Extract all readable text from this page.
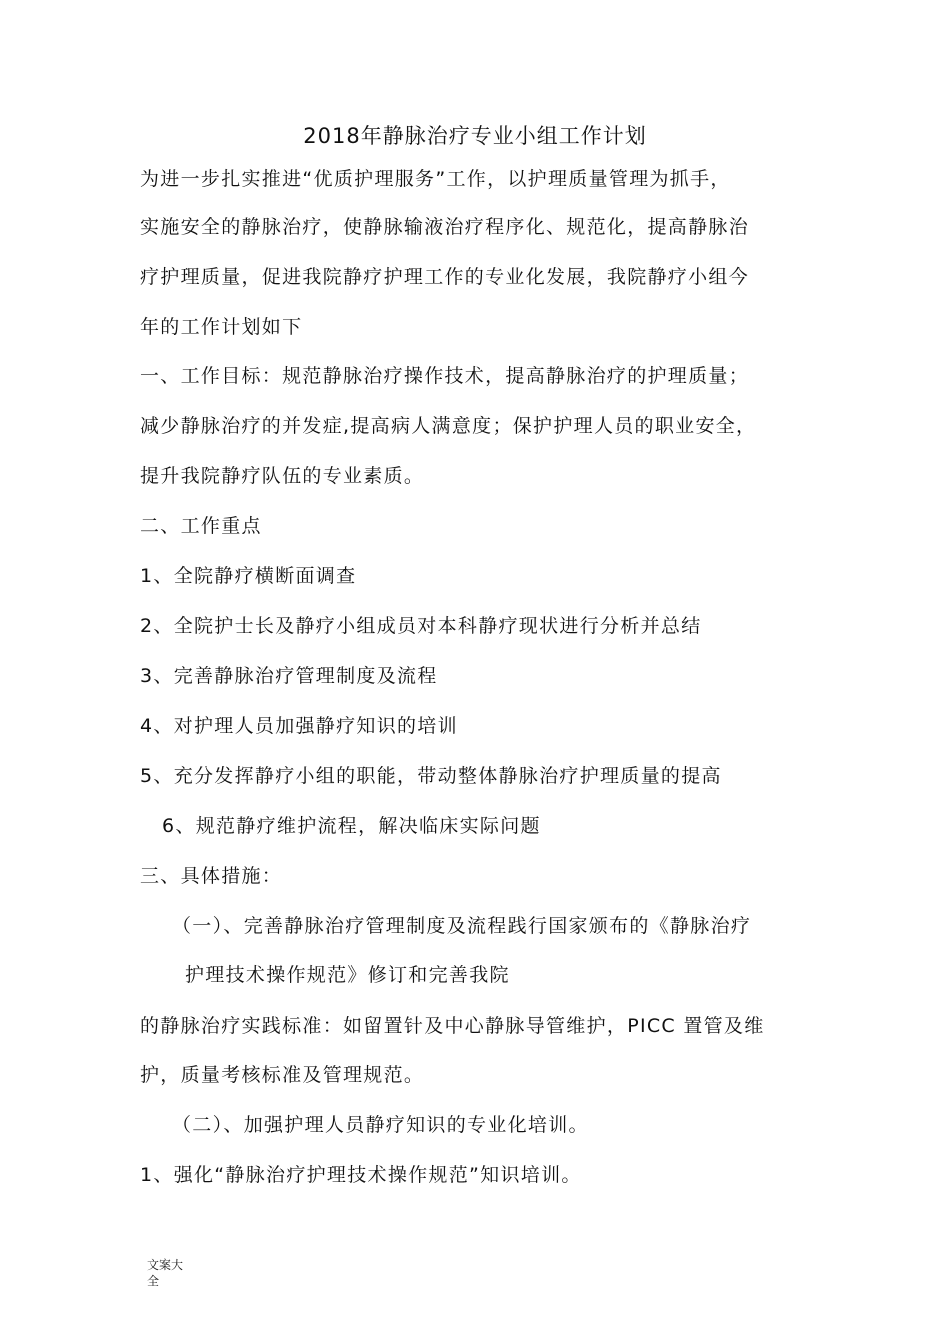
2018年静脉治疗专业小组工作计划
为进一步扎实推进“优质护理服务”工作，以护理质量管理为抓手，
实施安全的静脉治疗，使静脉输液治疗程序化、规范化，提高静脉治
疗护理质量，促进我院静疗护理工作的专业化发展，我院静疗小组今
年的工作计划如下
一、工作目标：规范静脉治疗操作技术，提高静脉治疗的护理质量；
减少静脉治疗的并发症,提高病人满意度；保护护理人员的职业安全，
提升我院静疗队伍的专业素质。
二、工作重点
1、全院静疗横断面调查
2、全院护士长及静疗小组成员对本科静疗现状进行分析并总结
3、完善静脉治疗管理制度及流程
4、对护理人员加强静疗知识的培训
5、充分发挥静疗小组的职能，带动整体静脉治疗护理质量的提高
6、规范静疗维护流程，解决临床实际问题
三、具体措施：
（一）、完善静脉治疗管理制度及流程践行国家颁布的《静脉治疗
护理技术操作规范》修订和完善我院
的静脉治疗实践标准：如留置针及中心静脉导管维护，PICC 置管及维
护，质量考核标准及管理规范。
（二）、加强护理人员静疗知识的专业化培训。
1、强化“静脉治疗护理技术操作规范”知识培训。
文案大全
